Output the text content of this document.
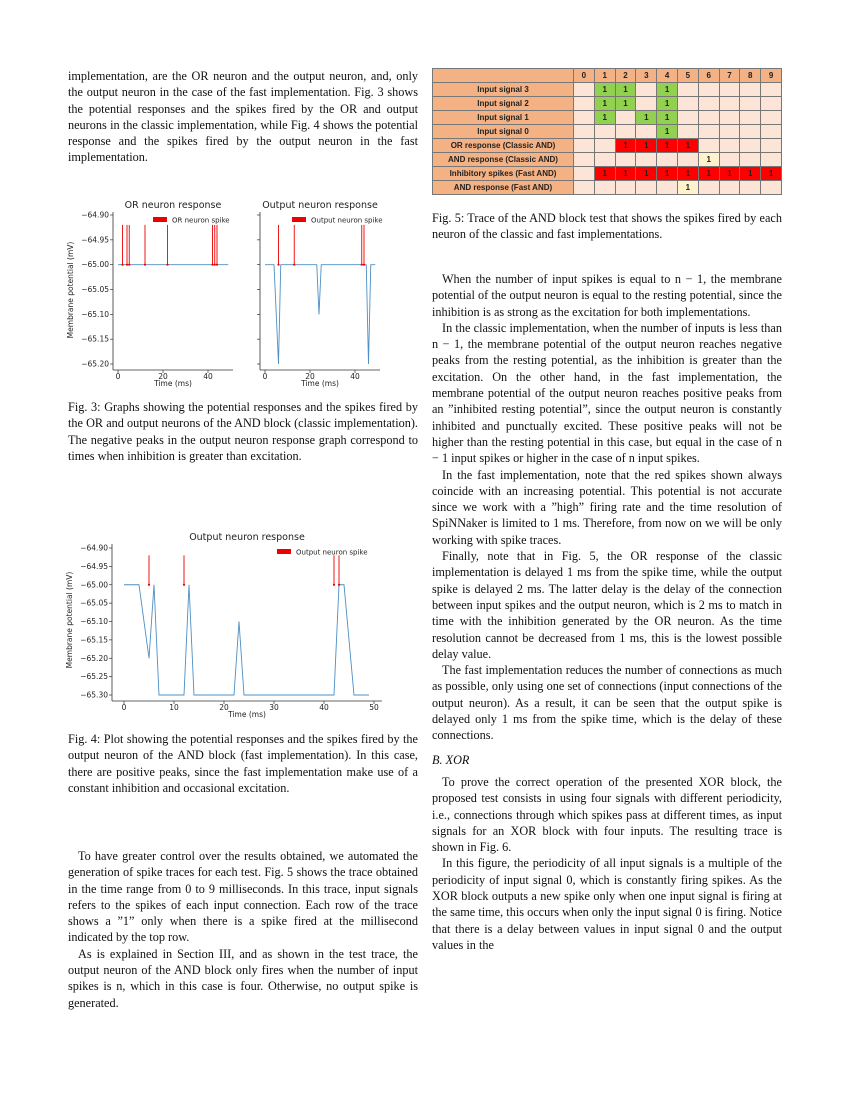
implementation, are the OR neuron and the output neuron, and, only the output neuron in the case of the fast implementation. Fig. 3 shows the potential responses and the spikes fired by the OR and output neurons in the classic implementation, while Fig. 4 shows the potential response and the spikes fired by the output neuron in the fast implementation.

Fig. 3: Graphs showing the potential responses and the spikes fired by the OR and output neurons of the AND block (classic implementation). The negative peaks in the output neuron response graph correspond to times when inhibition is greater than excitation.
Fig. 4: Plot showing the potential responses and the spikes fired by the output neuron of the AND block (fast implementation). In this case, there are positive peaks, since the fast implementation make use of a constant inhibition and occasional excitation.

To have greater control over the results obtained, we automated the generation of spike traces for each test. Fig. 5 shows the trace obtained in the time range from 0 to 9 milliseconds. In this trace, input signals refers to the spikes of each input connection. Each row of the trace shows a ”1” only when there is a spike fired at the millisecond indicated by the top row.

As is explained in Section III, and as shown in the test trace, the output neuron of the AND block only fires when the number of input spikes is n, which in this case is four. Otherwise, no output spike is generated.

	0	1	2	3	4	5	6	7	8	9
Input signal 3		1	1		1					
Input signal 2		1	1		1					
Input signal 1		1		1	1					
Input signal 0					1					
OR response (Classic AND)			1	1	1	1				
AND response (Classic AND)							1			
Inhibitory spikes (Fast AND)		1	1	1	1	1	1	1	1	1
AND response (Fast AND)						1				
Fig. 5: Trace of the AND block test that shows the spikes fired by each neuron of the classic and fast implementations.

When the number of input spikes is equal to n − 1, the membrane potential of the output neuron is equal to the resting potential, since the inhibition is as strong as the excitation for both implementations.

In the classic implementation, when the number of inputs is less than n − 1, the membrane potential of the output neuron reaches negative peaks from the resting potential, as the inhibition is greater than the excitation. On the other hand, in the fast implementation, the membrane potential of the output neuron reaches positive peaks from an ”inhibited resting potential”, since the output neuron is constantly inhibited and punctually excited. These positive peaks will not be higher than the resting potential in this case, but equal in the case of n − 1 input spikes or higher in the case of n input spikes.

In the fast implementation, note that the red spikes shown always coincide with an increasing potential. This potential is not accurate since we work with a ”high” firing rate and the time resolution of SpiNNaker is limited to 1 ms. Therefore, from now on we will be only working with spike traces.

Finally, note that in Fig. 5, the OR response of the classic implementation is delayed 1 ms from the spike time, while the output spike is delayed 2 ms. The latter delay is the delay of the connection between input spikes and the output neuron, which is 2 ms to match in time with the inhibition generated by the OR neuron. As the time resolution cannot be decreased from 1 ms, this is the lowest possible delay value.

The fast implementation reduces the number of connections as much as possible, only using one set of connections (input connections of the output neuron). As a result, it can be seen that the output spike is delayed only 1 ms from the spike time, which is the delay of these connections.

B. XOR

To prove the correct operation of the presented XOR block, the proposed test consists in using four signals with different periodicity, i.e., connections through which spikes pass at different times, as input signals for an XOR block with four inputs. The resulting trace is shown in Fig. 6.

In this figure, the periodicity of all input signals is a multiple of the periodicity of input signal 0, which is constantly firing spikes. As the XOR block outputs a new spike only when one input signal is firing at the same time, this occurs when only the input signal 0 is firing. Notice that there is a delay between values in input signal 0 and the output values in the

OR neuron response
Time (ms)
0	20	40
−64.90
−64.95
−65.00
−65.05
−65.10
−65.15
−65.20
Membrane potential (mV)
OR neuron spike
Output neuron response
Time (ms)
0	20	40
Output neuron spike
Output neuron response
Time (ms)
0	10	20	30	40	50
−64.90
−64.95
−65.00
−65.05
−65.10
−65.15
−65.20
−65.25
−65.30
Membrane potential (mV)
Output neuron spike
